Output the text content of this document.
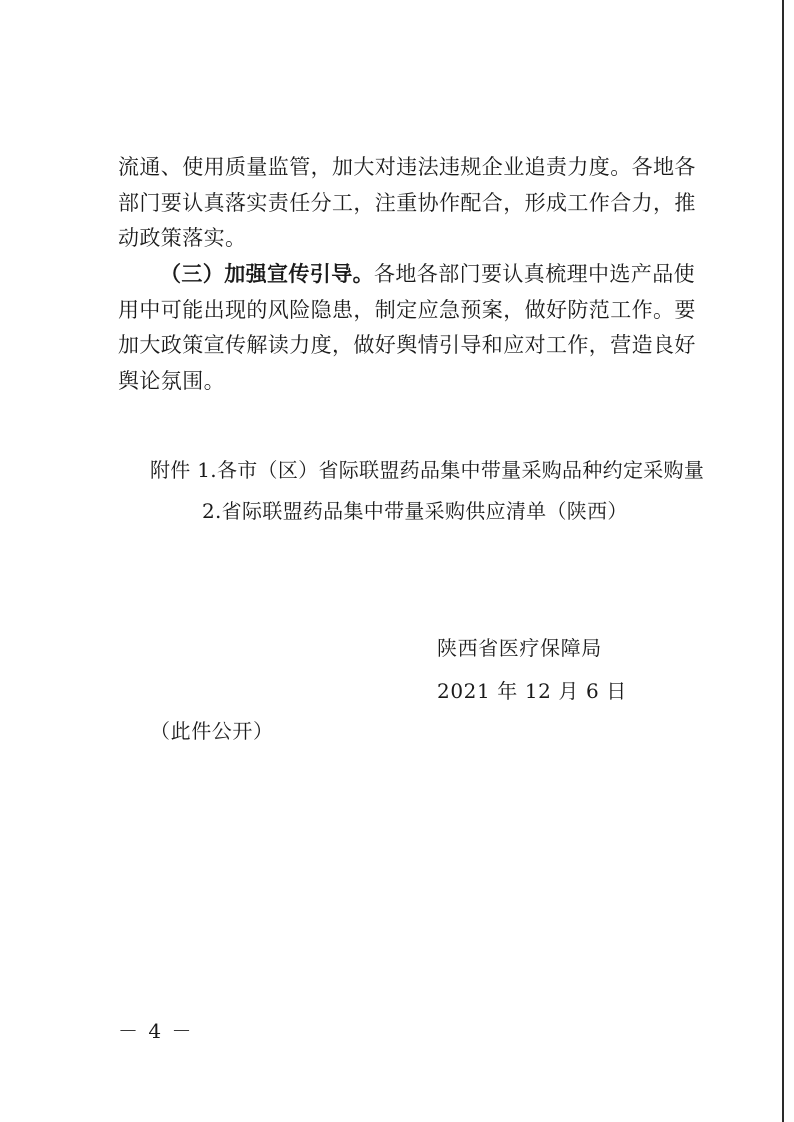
流通、使用质量监管，加大对违法违规企业追责力度。各地各部门要认真落实责任分工，注重协作配合，形成工作合力，推动政策落实。

（三）加强宣传引导。各地各部门要认真梳理中选产品使用中可能出现的风险隐患，制定应急预案，做好防范工作。要加大政策宣传解读力度，做好舆情引导和应对工作，营造良好舆论氛围。

附件 1.各市（区）省际联盟药品集中带量采购品种约定采购量
2.省际联盟药品集中带量采购供应清单（陕西）
陕西省医疗保障局
2021 年 12 月 6 日
（此件公开）
－ 4 －
